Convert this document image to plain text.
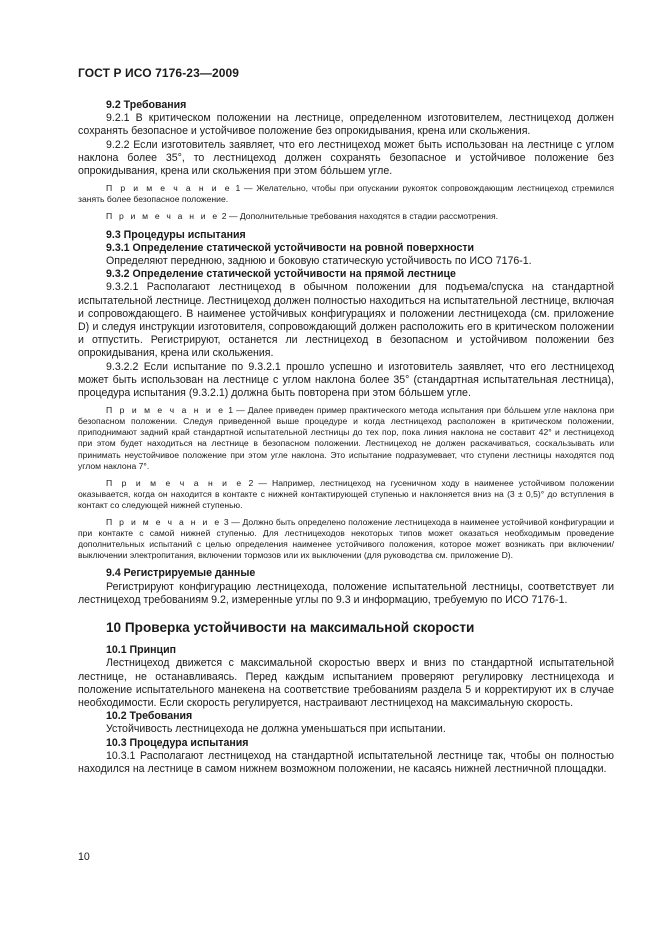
ГОСТ Р ИСО 7176-23—2009
9.2 Требования
9.2.1 В критическом положении на лестнице, определенном изготовителем, лестницеход должен сохранять безопасное и устойчивое положение без опрокидывания, крена или скольжения.
9.2.2 Если изготовитель заявляет, что его лестницеход может быть использован на лестнице с углом наклона более 35°, то лестницеход должен сохранять безопасное и устойчивое положение без опрокидывания, крена или скольжения при этом бо́льшем угле.
П р и м е ч а н и е 1 — Желательно, чтобы при опускании рукояток сопровождающим лестницеход стремился занять более безопасное положение.
П р и м е ч а н и е 2 — Дополнительные требования находятся в стадии рассмотрения.
9.3 Процедуры испытания
9.3.1 Определение статической устойчивости на ровной поверхности
Определяют переднюю, заднюю и боковую статическую устойчивость по ИСО 7176-1.
9.3.2 Определение статической устойчивости на прямой лестнице
9.3.2.1 Располагают лестницеход в обычном положении для подъема/спуска на стандартной испытательной лестнице. Лестницеход должен полностью находиться на испытательной лестнице, включая и сопровождающего. В наименее устойчивых конфигурациях и положении лестницехода (см. приложение D) и следуя инструкции изготовителя, сопровождающий должен расположить его в критическом положении и отпустить. Регистрируют, останется ли лестницеход в безопасном и устойчивом положении без опрокидывания, крена или скольжения.
9.3.2.2 Если испытание по 9.3.2.1 прошло успешно и изготовитель заявляет, что его лестницеход может быть использован на лестнице с углом наклона более 35° (стандартная испытательная лестница), процедура испытания (9.3.2.1) должна быть повторена при этом бо́льшем угле.
П р и м е ч а н и е 1 — Далее приведен пример практического метода испытания при бо́льшем угле наклона при безопасном положении. Следуя приведенной выше процедуре и когда лестницеход расположен в критическом положении, приподнимают задний край стандартной испытательной лестницы до тех пор, пока линия наклона не составит 42° и лестницеход при этом будет находиться на лестнице в безопасном положении. Лестницеход не должен раскачиваться, соскальзывать или принимать неустойчивое положение при этом угле наклона. Это испытание подразумевает, что ступени лестницы находятся под углом наклона 7°.
П р и м е ч а н и е 2 — Например, лестницеход на гусеничном ходу в наименее устойчивом положении оказывается, когда он находится в контакте с нижней контактирующей ступенью и наклоняется вниз на (3 ± 0,5)° до вступления в контакт со следующей нижней ступенью.
П р и м е ч а н и е 3 — Должно быть определено положение лестницехода в наименее устойчивой конфигурации и при контакте с самой нижней ступенью. Для лестницеходов некоторых типов может оказаться необходимым проведение дополнительных испытаний с целью определения наименее устойчивого положения, которое может возникать при включении/выключении электропитания, включении тормозов или их выключении (для руководства см. приложение D).
9.4 Регистрируемые данные
Регистрируют конфигурацию лестницехода, положение испытательной лестницы, соответствует ли лестницеход требованиям 9.2, измеренные углы по 9.3 и информацию, требуемую по ИСО 7176-1.
10 Проверка устойчивости на максимальной скорости
10.1 Принцип
Лестницеход движется с максимальной скоростью вверх и вниз по стандартной испытательной лестнице, не останавливаясь. Перед каждым испытанием проверяют регулировку лестницехода и положение испытательного манекена на соответствие требованиям раздела 5 и корректируют их в случае необходимости. Если скорость регулируется, настраивают лестницеход на максимальную скорость.
10.2 Требования
Устойчивость лестницехода не должна уменьшаться при испытании.
10.3 Процедура испытания
10.3.1 Располагают лестницеход на стандартной испытательной лестнице так, чтобы он полностью находился на лестнице в самом нижнем возможном положении, не касаясь нижней лестничной площадки.
10
